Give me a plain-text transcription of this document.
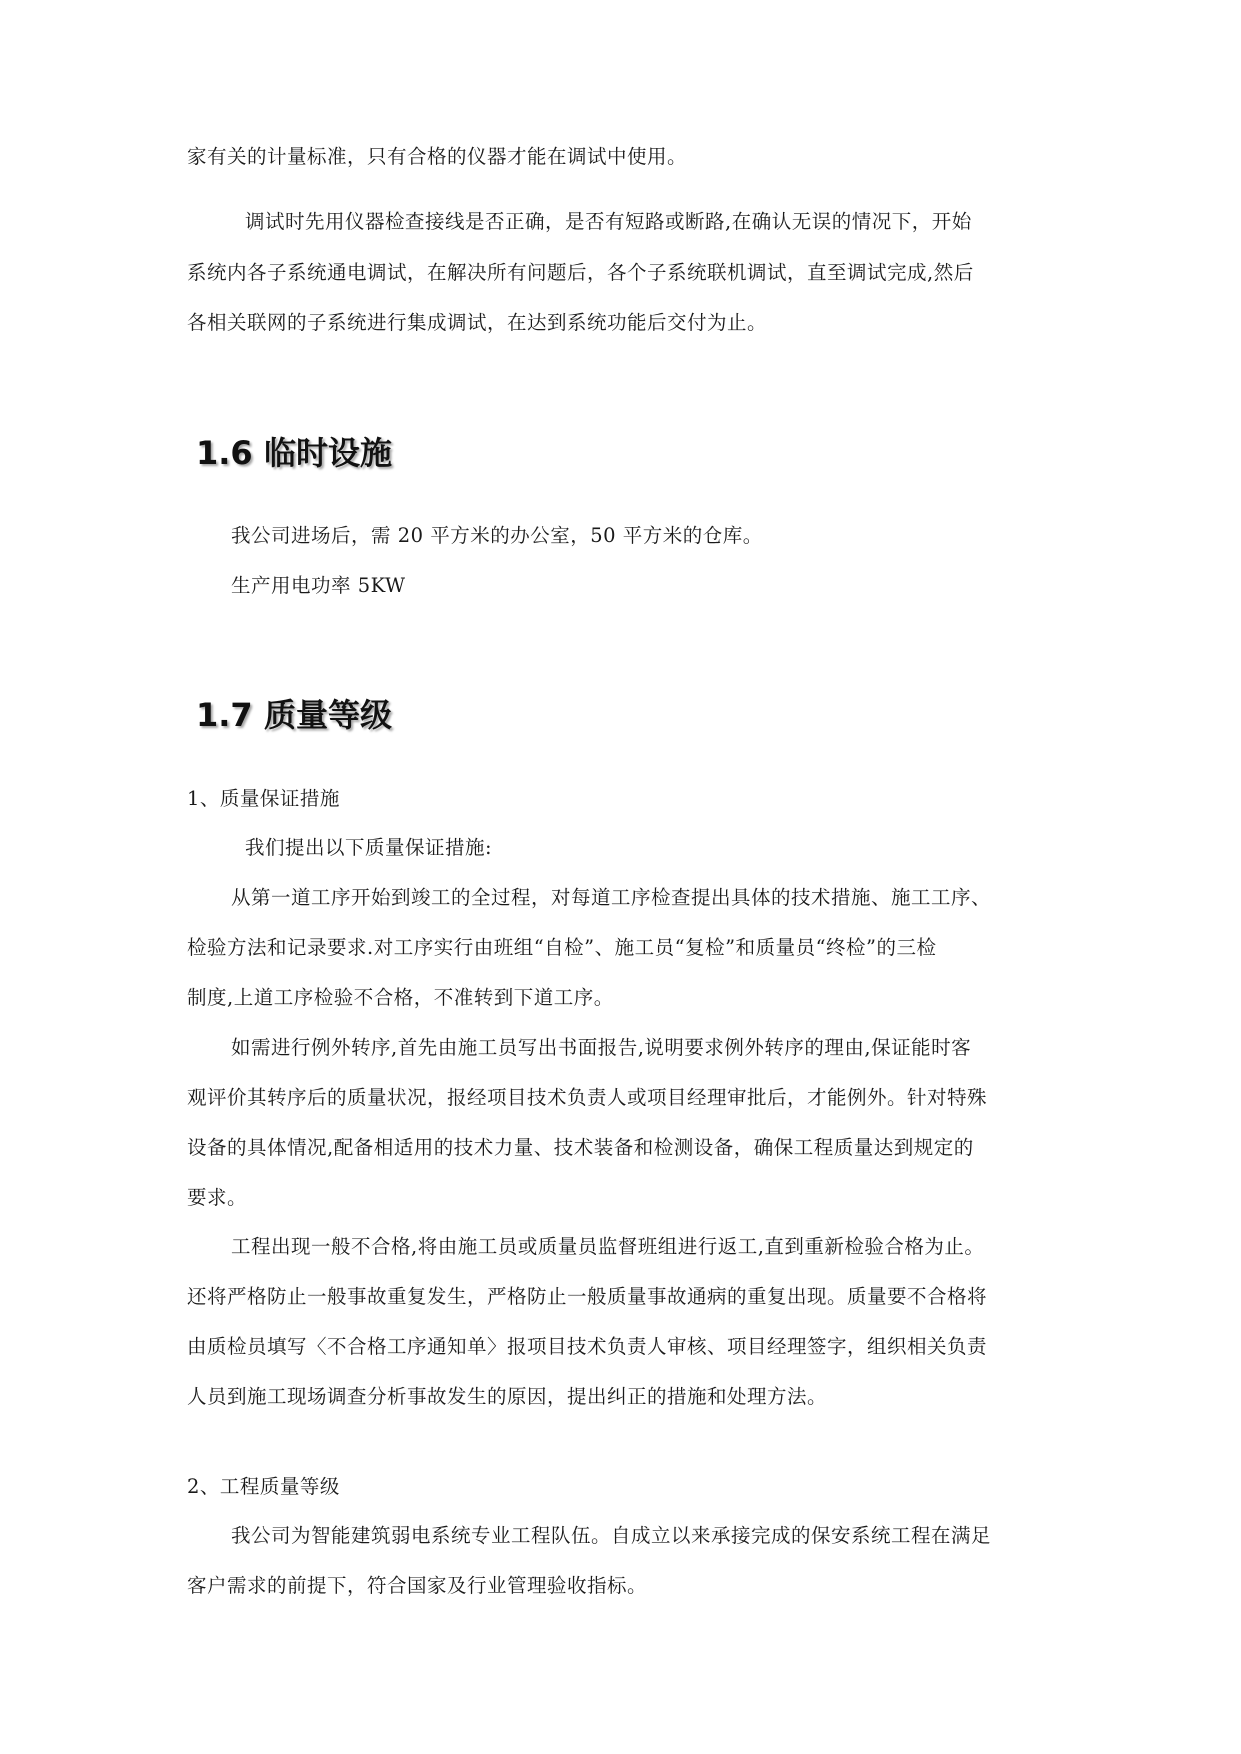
家有关的计量标准，只有合格的仪器才能在调试中使用。
调试时先用仪器检查接线是否正确，是否有短路或断路,在确认无误的情况下，开始
系统内各子系统通电调试，在解决所有问题后，各个子系统联机调试，直至调试完成,然后
各相关联网的子系统进行集成调试，在达到系统功能后交付为止。
1.6 临时设施
我公司进场后，需 20 平方米的办公室，50 平方米的仓库。
生产用电功率 5KW
1.7 质量等级
1、质量保证措施
我们提出以下质量保证措施:
从第一道工序开始到竣工的全过程，对每道工序检查提出具体的技术措施、施工工序、
检验方法和记录要求.对工序实行由班组“自检”、施工员“复检”和质量员“终检”的三检
制度,上道工序检验不合格，不准转到下道工序。
如需进行例外转序,首先由施工员写出书面报告,说明要求例外转序的理由,保证能时客
观评价其转序后的质量状况，报经项目技术负责人或项目经理审批后，才能例外。针对特殊
设备的具体情况,配备相适用的技术力量、技术装备和检测设备，确保工程质量达到规定的
要求。
工程出现一般不合格,将由施工员或质量员监督班组进行返工,直到重新检验合格为止。
还将严格防止一般事故重复发生，严格防止一般质量事故通病的重复出现。质量要不合格将
由质检员填写〈不合格工序通知单〉报项目技术负责人审核、项目经理签字，组织相关负责
人员到施工现场调查分析事故发生的原因，提出纠正的措施和处理方法。
2、工程质量等级
我公司为智能建筑弱电系统专业工程队伍。自成立以来承接完成的保安系统工程在满足
客户需求的前提下，符合国家及行业管理验收指标。
